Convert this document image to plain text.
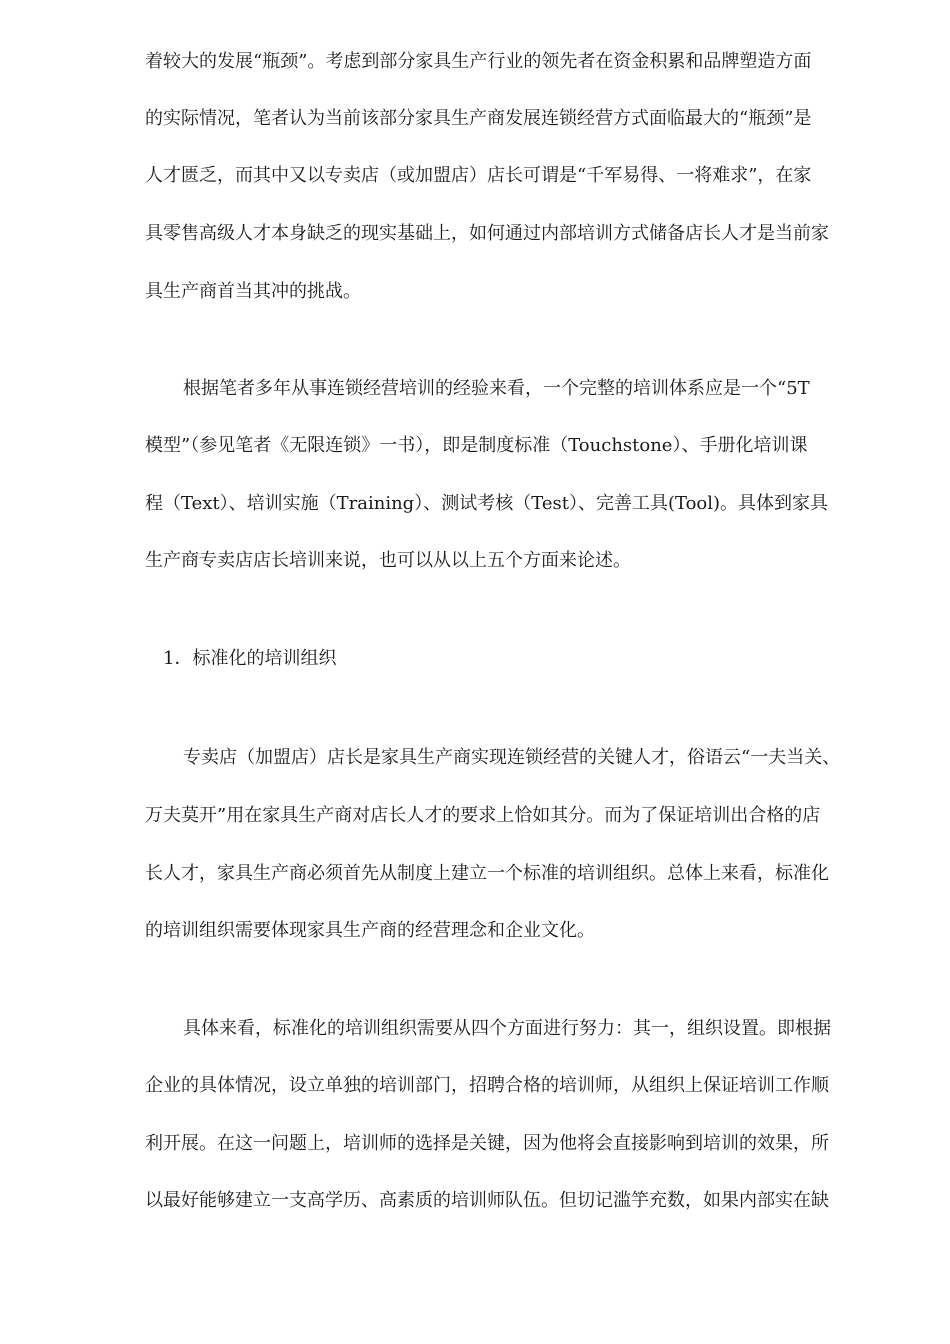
着较大的发展“瓶颈”。考虑到部分家具生产行业的领先者在资金积累和品牌塑造方面
的实际情况，笔者认为当前该部分家具生产商发展连锁经营方式面临最大的“瓶颈”是
人才匮乏，而其中又以专卖店（或加盟店）店长可谓是“千军易得、一将难求”，在家
具零售高级人才本身缺乏的现实基础上，如何通过内部培训方式储备店长人才是当前家
具生产商首当其冲的挑战。
根据笔者多年从事连锁经营培训的经验来看，一个完整的培训体系应是一个“5T
模型”（参见笔者《无限连锁》一书），即是制度标准（Touchstone）、手册化培训课
程（Text）、培训实施（Training）、测试考核（Test）、完善工具(Tool)。具体到家具
生产商专卖店店长培训来说，也可以从以上五个方面来论述。
1．标准化的培训组织
专卖店（加盟店）店长是家具生产商实现连锁经营的关键人才，俗语云“一夫当关、
万夫莫开”用在家具生产商对店长人才的要求上恰如其分。而为了保证培训出合格的店
长人才，家具生产商必须首先从制度上建立一个标准的培训组织。总体上来看，标准化
的培训组织需要体现家具生产商的经营理念和企业文化。
具体来看，标准化的培训组织需要从四个方面进行努力：其一，组织设置。即根据
企业的具体情况，设立单独的培训部门，招聘合格的培训师，从组织上保证培训工作顺
利开展。在这一问题上，培训师的选择是关键，因为他将会直接影响到培训的效果，所
以最好能够建立一支高学历、高素质的培训师队伍。但切记滥竽充数，如果内部实在缺
